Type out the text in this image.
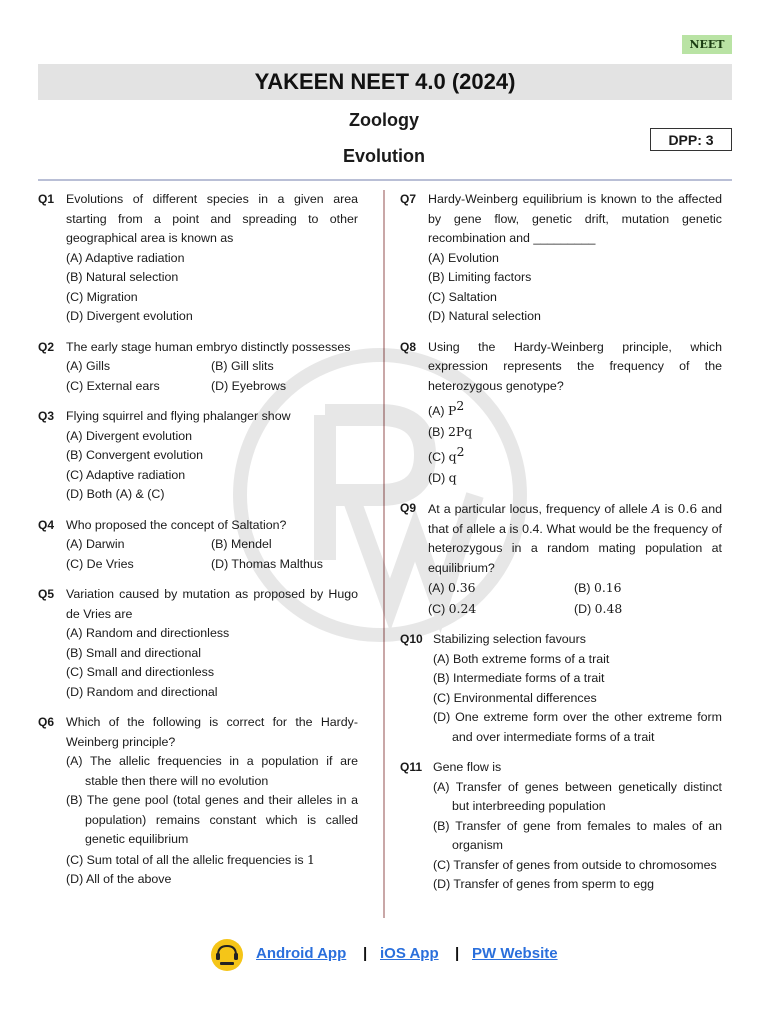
NEET
YAKEEN NEET 4.0 (2024)
Zoology
Evolution
DPP: 3
Q1 Evolutions of different species in a given area starting from a point and spreading to other geographical area is known as
(A) Adaptive radiation
(B) Natural selection
(C) Migration
(D) Divergent evolution
Q2 The early stage human embryo distinctly possesses
(A) Gills	(B) Gill slits
(C) External ears	(D) Eyebrows
Q3 Flying squirrel and flying phalanger show
(A) Divergent evolution
(B) Convergent evolution
(C) Adaptive radiation
(D) Both (A) & (C)
Q4 Who proposed the concept of Saltation?
(A) Darwin	(B) Mendel
(C) De Vries	(D) Thomas Malthus
Q5 Variation caused by mutation as proposed by Hugo de Vries are
(A) Random and directionless
(B) Small and directional
(C) Small and directionless
(D) Random and directional
Q6 Which of the following is correct for the Hardy-Weinberg principle?
(A) The allelic frequencies in a population if are stable then there will no evolution
(B) The gene pool (total genes and their alleles in a population) remains constant which is called genetic equilibrium
(C) Sum total of all the allelic frequencies is 1
(D) All of the above
Q7 Hardy-Weinberg equilibrium is known to the affected by gene flow, genetic drift, mutation genetic recombination and _________
(A) Evolution
(B) Limiting factors
(C) Saltation
(D) Natural selection
Q8 Using the Hardy-Weinberg principle, which expression represents the frequency of the heterozygous genotype?
(A) $P^2$
(B) 2Pq
(C) $q^2$
(D) q
Q9 At a particular locus, frequency of allele A is 0.6 and that of allele a is 0.4. What would be the frequency of heterozygous in a random mating population at equilibrium?
(A) 0.36	(B) 0.16
(C) 0.24	(D) 0.48
Q10 Stabilizing selection favours
(A) Both extreme forms of a trait
(B) Intermediate forms of a trait
(C) Environmental differences
(D) One extreme form over the other extreme form and over intermediate forms of a trait
Q11 Gene flow is
(A) Transfer of genes between genetically distinct but interbreeding population
(B) Transfer of gene from females to males of an organism
(C) Transfer of genes from outside to chromosomes
(D) Transfer of genes from sperm to egg
Android App | iOS App | PW Website
